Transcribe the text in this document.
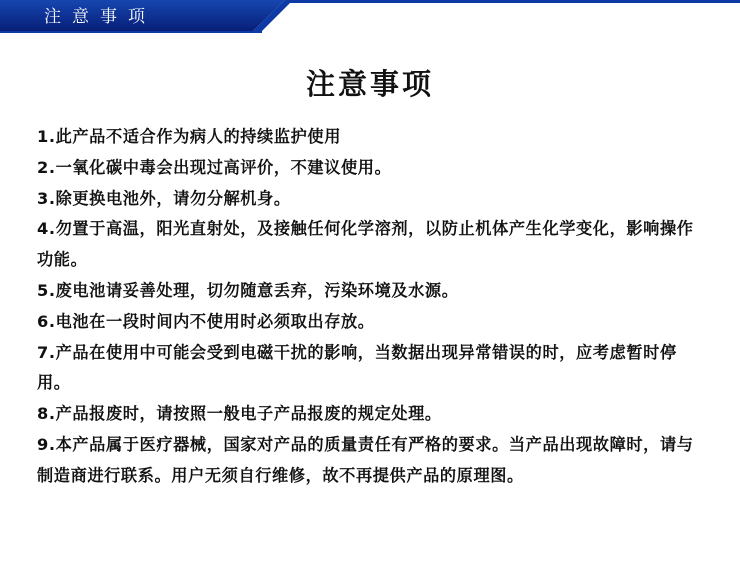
注意事项
注意事项
1.此产品不适合作为病人的持续监护使用
2.一氧化碳中毒会出现过高评价，不建议使用。
3.除更换电池外，请勿分解机身。
4.勿置于高温，阳光直射处，及接触任何化学溶剂，以防止机体产生化学变化，影响操作功能。
5.废电池请妥善处理，切勿随意丢弃，污染环境及水源。
6.电池在一段时间内不使用时必须取出存放。
7.产品在使用中可能会受到电磁干扰的影响，当数据出现异常错误的时，应考虑暂时停用。
8.产品报废时，请按照一般电子产品报废的规定处理。
9.本产品属于医疗器械，国家对产品的质量责任有严格的要求。当产品出现故障时，请与制造商进行联系。用户无须自行维修，故不再提供产品的原理图。
